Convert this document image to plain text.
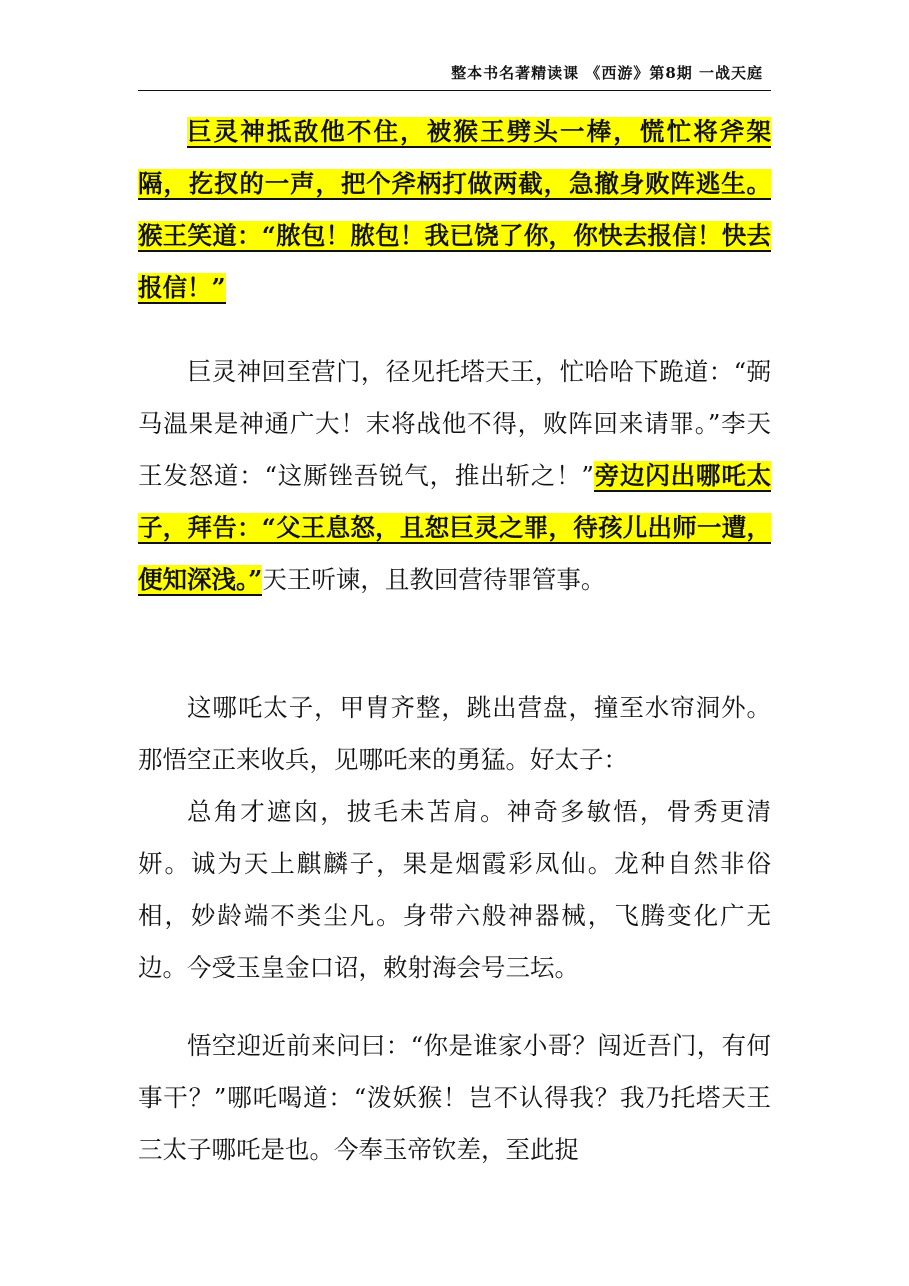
整本书名著精读课 《西游》第8期 一战天庭

巨灵神抵敌他不住，被猴王劈头一棒，慌忙将斧架隔，扢扠的一声，把个斧柄打做两截，急撤身败阵逃生。猴王笑道：“脓包！脓包！我已饶了你，你快去报信！快去报信！”

巨灵神回至营门，径见托塔天王，忙哈哈下跪道：“弼马温果是神通广大！末将战他不得，败阵回来请罪。”李天王发怒道：“这厮锉吾锐气，推出斩之！”旁边闪出哪吒太子，拜告：“父王息怒，且恕巨灵之罪，待孩儿出师一遭，便知深浅。”天王听谏，且教回营待罪管事。

这哪吒太子，甲胄齐整，跳出营盘，撞至水帘洞外。那悟空正来收兵，见哪吒来的勇猛。好太子：

总角才遮囟，披毛未苫肩。神奇多敏悟，骨秀更清妍。诚为天上麒麟子，果是烟霞彩凤仙。龙种自然非俗相，妙龄端不类尘凡。身带六般神器械，飞腾变化广无边。今受玉皇金口诏，敕射海会号三坛。

悟空迎近前来问曰：“你是谁家小哥？闯近吾门，有何事干？”哪吒喝道：“泼妖猴！岂不认得我？我乃托塔天王三太子哪吒是也。今奉玉帝钦差，至此捉
